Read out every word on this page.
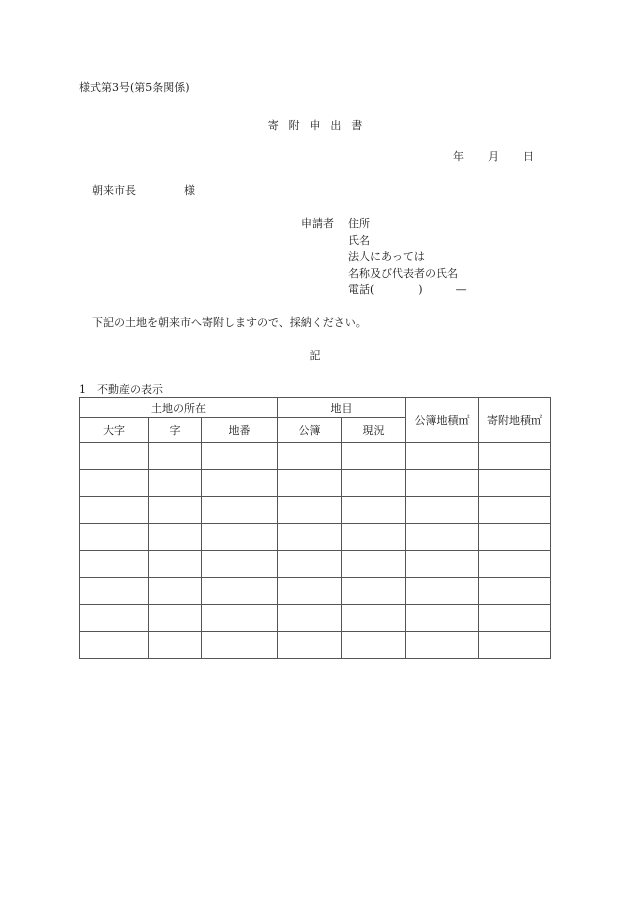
様式第3号(第5条関係)
寄附申出書
年 月 日
朝来市長	様
申請者 住所
氏名
法人にあっては
名称及び代表者の氏名
電話(　　　　)　　　—
下記の土地を朝来市へ寄附しますので、採納ください。
記
1 不動産の表示
土地の所在			地目		公簿地積㎡	寄附地積㎡
大字	字	地番	公簿	現況		
